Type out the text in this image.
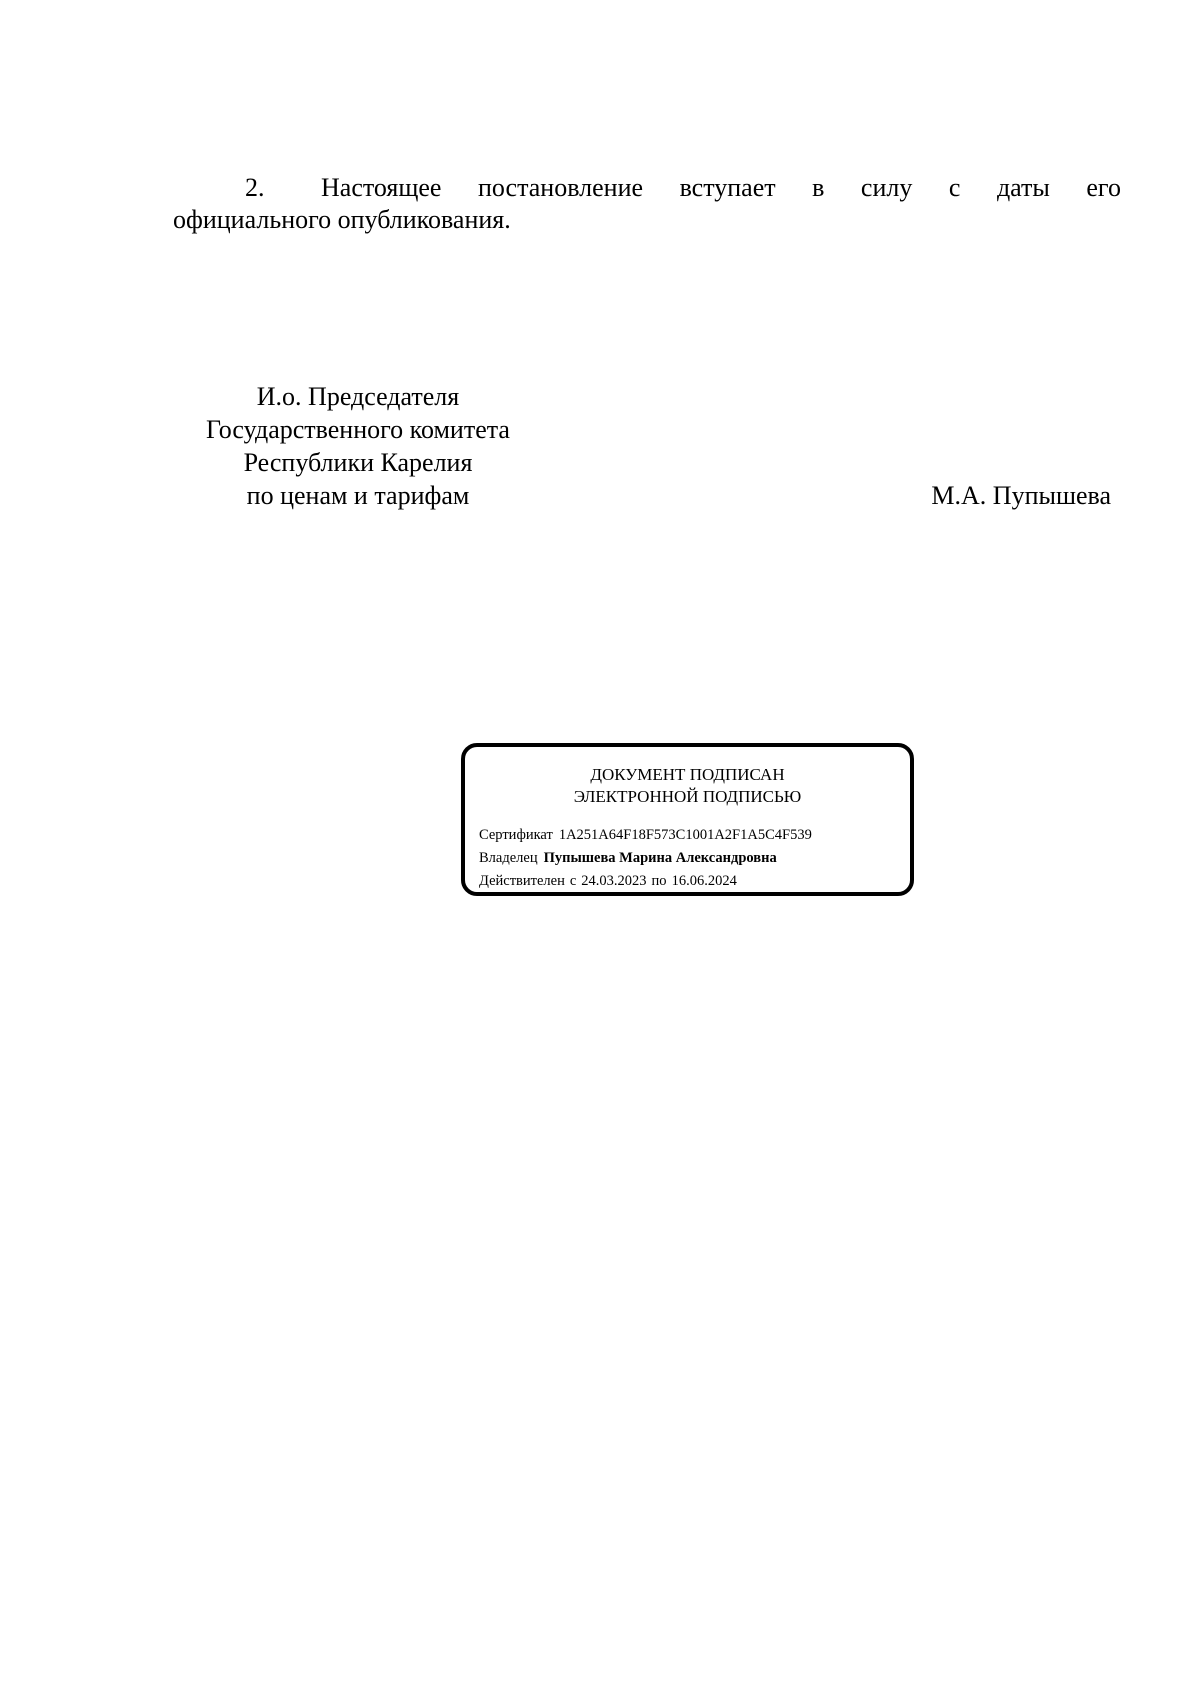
2. Настоящее постановление вступает в силу с даты его
официального опубликования.
И.о. Председателя
Государственного комитета
Республики Карелия
по ценам и тарифам	М.А. Пупышева
ДОКУМЕНТ ПОДПИСАН
ЭЛЕКТРОННОЙ ПОДПИСЬЮ
Сертификат 1A251A64F18F573C1001A2F1A5C4F539
Владелец Пупышева Марина Александровна
Действителен с 24.03.2023 по 16.06.2024
